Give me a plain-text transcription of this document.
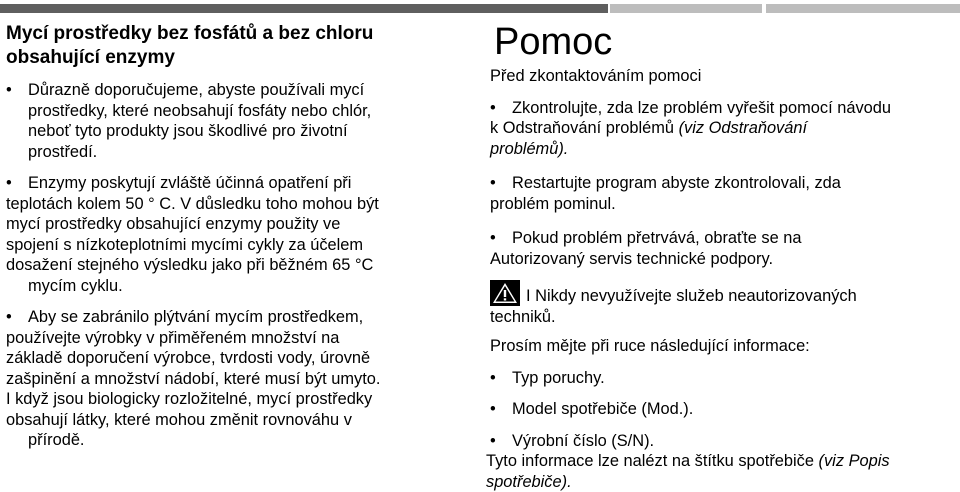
Mycí prostředky bez fosfátů a bez chloru
obsahující enzymy
• Důrazně doporučujeme, abyste používali mycí
prostředky, které neobsahují fosfáty nebo chlór,
neboť tyto produkty jsou škodlivé pro životní
prostředí.
• Enzymy poskytují zvláště účinná opatření při
teplotách kolem 50 ° C. V důsledku toho mohou být
mycí prostředky obsahující enzymy použity ve
spojení s nízkoteplotními mycími cykly za účelem
dosažení stejného výsledku jako při běžném 65 °C
mycím cyklu.
• Aby se zabránilo plýtvání mycím prostředkem,
používejte výrobky v přiměřeném množství na
základě doporučení výrobce, tvrdosti vody, úrovně
zašpinění a množství nádobí, které musí být umyto.
I když jsou biologicky rozložitelné, mycí prostředky
obsahují látky, které mohou změnit rovnováhu v
přírodě.
Pomoc
Před zkontaktováním pomoci
• Zkontrolujte, zda lze problém vyřešit pomocí návodu
k Odstraňování problémů (viz Odstraňování
problémů).
• Restartujte program abyste zkontrolovali, zda
problém pominul.
• Pokud problém přetrvává, obraťte se na
Autorizovaný servis technické podpory.
I Nikdy nevyužívejte služeb neautorizovaných
techniků.
Prosím mějte při ruce následující informace:
• Typ poruchy.
• Model spotřebiče (Mod.).
• Výrobní číslo (S/N).
Tyto informace lze nalézt na štítku spotřebiče (viz Popis
spotřebiče).
